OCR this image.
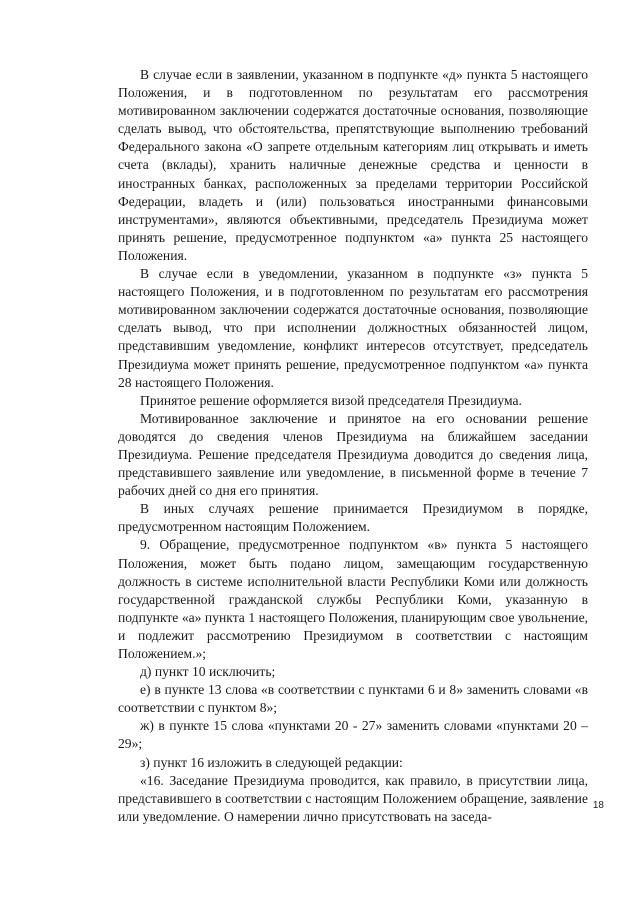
В случае если в заявлении, указанном в подпункте «д» пункта 5 настоящего Положения, и в подготовленном по результатам его рассмотрения мотивированном заключении содержатся достаточные основания, позволяющие сделать вывод, что обстоятельства, препятствующие выполнению требований Федерального закона «О запрете отдельным категориям лиц открывать и иметь счета (вклады), хранить наличные денежные средства и ценности в иностранных банках, расположенных за пределами территории Российской Федерации, владеть и (или) пользоваться иностранными финансовыми инструментами», являются объективными, председатель Президиума может принять решение, предусмотренное подпунктом «а» пункта 25 настоящего Положения.

В случае если в уведомлении, указанном в подпункте «з» пункта 5 настоящего Положения, и в подготовленном по результатам его рассмотрения мотивированном заключении содержатся достаточные основания, позволяющие сделать вывод, что при исполнении должностных обязанностей лицом, представившим уведомление, конфликт интересов отсутствует, председатель Президиума может принять решение, предусмотренное подпунктом «а» пункта 28 настоящего Положения.

Принятое решение оформляется визой председателя Президиума.

Мотивированное заключение и принятое на его основании решение доводятся до сведения членов Президиума на ближайшем заседании Президиума. Решение председателя Президиума доводится до сведения лица, представившего заявление или уведомление, в письменной форме в течение 7 рабочих дней со дня его принятия.

В иных случаях решение принимается Президиумом в порядке, предусмотренном настоящим Положением.

9. Обращение, предусмотренное подпунктом «в» пункта 5 настоящего Положения, может быть подано лицом, замещающим государственную должность в системе исполнительной власти Республики Коми или должность государственной гражданской службы Республики Коми, указанную в подпункте «а» пункта 1 настоящего Положения, планирующим свое увольнение, и подлежит рассмотрению Президиумом в соответствии с настоящим Положением.»;

д) пункт 10 исключить;

е) в пункте 13 слова «в соответствии с пунктами 6 и 8» заменить словами «в соответствии с пунктом 8»;

ж) в пункте 15 слова «пунктами 20 - 27» заменить словами «пунктами 20 – 29»;

з) пункт 16 изложить в следующей редакции:

«16. Заседание Президиума проводится, как правило, в присутствии лица, представившего в соответствии с настоящим Положением обращение, заявление или уведомление. О намерении лично присутствовать на заседа-

18
